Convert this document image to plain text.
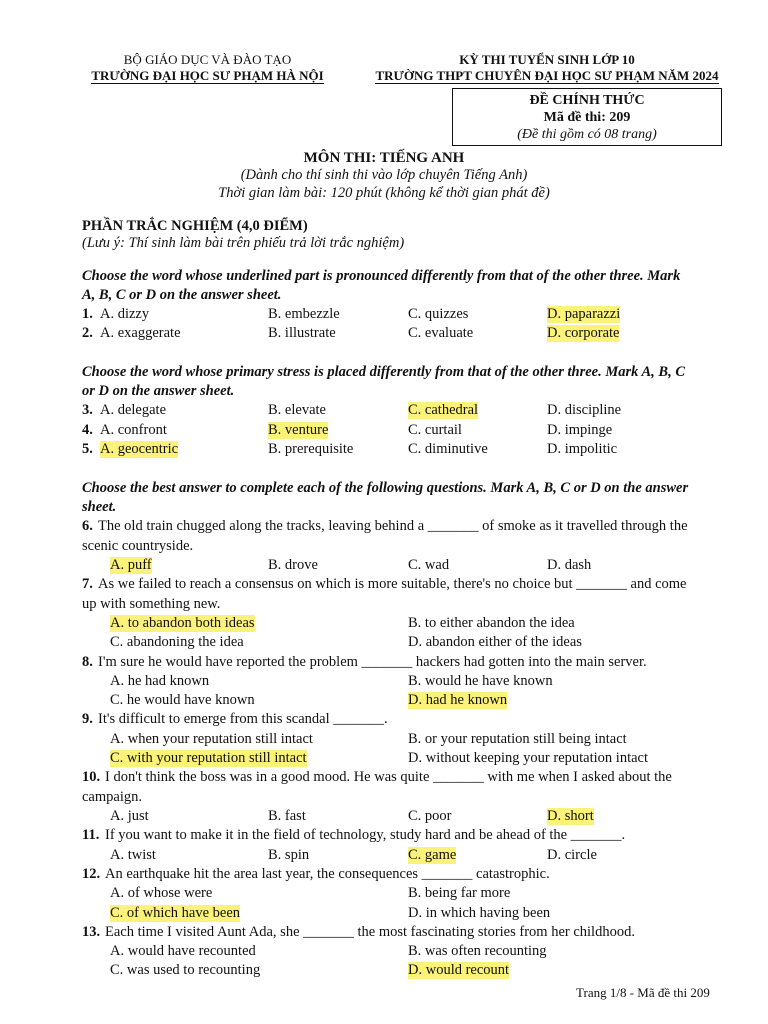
BỘ GIÁO DỤC VÀ ĐÀO TẠO
TRƯỜNG ĐẠI HỌC SƯ PHẠM HÀ NỘI
KỲ THI TUYỂN SINH LỚP 10
TRƯỜNG THPT CHUYÊN ĐẠI HỌC SƯ PHẠM NĂM 2024
ĐỀ CHÍNH THỨC
Mã đề thi: 209
(Đề thi gồm có 08 trang)
MÔN THI: TIẾNG ANH
(Dành cho thí sinh thi vào lớp chuyên Tiếng Anh)
Thời gian làm bài: 120 phút (không kể thời gian phát đề)
PHẦN TRẮC NGHIỆM (4,0 ĐIỂM)
(Lưu ý: Thí sinh làm bài trên phiếu trả lời trắc nghiệm)
Choose the word whose underlined part is pronounced differently from that of the other three. Mark
A, B, C or D on the answer sheet.
1. A. dizzy	B. embezzle	C. quizzes	D. paparazzi
2. A. exaggerate	B. illustrate	C. evaluate	D. corporate
Choose the word whose primary stress is placed differently from that of the other three. Mark A, B, C
or D on the answer sheet.
3. A. delegate	B. elevate	C. cathedral	D. discipline
4. A. confront	B. venture	C. curtail	D. impinge
5. A. geocentric	B. prerequisite	C. diminutive	D. impolitic
Choose the best answer to complete each of the following questions. Mark A, B, C or D on the answer
sheet.
6. The old train chugged along the tracks, leaving behind a _______ of smoke as it travelled through the
scenic countryside.
A. puff	B. drove	C. wad	D. dash
7. As we failed to reach a consensus on which is more suitable, there's no choice but _______ and come
up with something new.
A. to abandon both ideas	B. to either abandon the idea
C. abandoning the idea	D. abandon either of the ideas
8. I'm sure he would have reported the problem _______ hackers had gotten into the main server.
A. he had known	B. would he have known
C. he would have known	D. had he known
9. It's difficult to emerge from this scandal _______.
A. when your reputation still intact	B. or your reputation still being intact
C. with your reputation still intact	D. without keeping your reputation intact
10. I don't think the boss was in a good mood. He was quite _______ with me when I asked about the
campaign.
A. just	B. fast	C. poor	D. short
11. If you want to make it in the field of technology, study hard and be ahead of the _______.
A. twist	B. spin	C. game	D. circle
12. An earthquake hit the area last year, the consequences _______ catastrophic.
A. of whose were	B. being far more
C. of which have been	D. in which having been
13. Each time I visited Aunt Ada, she _______ the most fascinating stories from her childhood.
A. would have recounted	B. was often recounting
C. was used to recounting	D. would recount
Trang 1/8 - Mã đề thi 209
